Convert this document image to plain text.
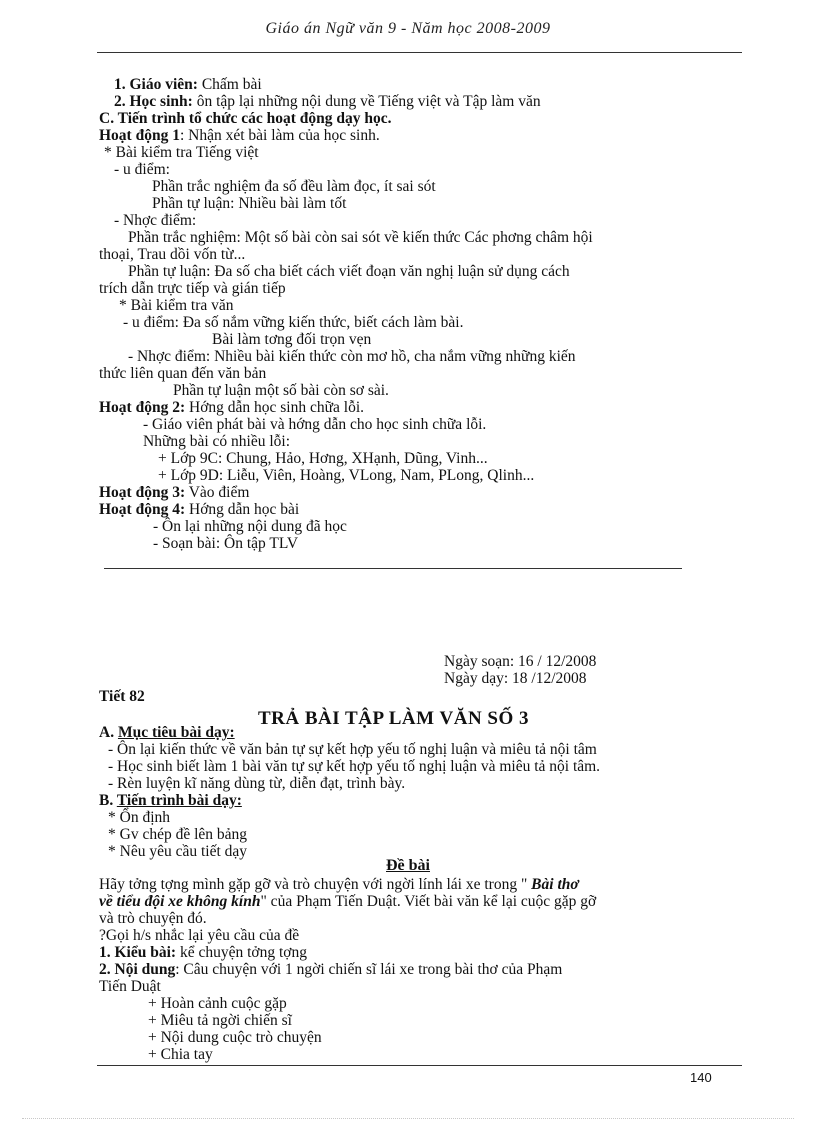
Giáo án Ngữ văn 9 - Năm học 2008-2009
1. Giáo viên: Chấm bài
2. Học sinh: ôn tập lại những nội dung về Tiếng việt và Tập làm văn
C. Tiến trình tổ chức các hoạt động dạy học.
Hoạt động 1: Nhận xét bài làm của học sinh.
* Bài kiểm tra Tiếng việt
- u điểm:
Phần trắc nghiệm đa số đều làm đọc, ít sai sót
Phần tự luận: Nhiều bài làm tốt
- Nhợc điểm:
Phần trắc nghiệm: Một số bài còn sai sót về kiến thức Các phơng châm hội
thoại, Trau dồi vốn từ...
Phần tự luận: Đa số cha biết cách viết đoạn văn nghị luận sử dụng cách
trích dẫn trực tiếp và gián tiếp
* Bài kiểm tra văn
- u điểm: Đa số nắm vững kiến thức, biết cách làm bài.
Bài làm tơng đối trọn vẹn
- Nhợc điểm: Nhiều bài kiến thức còn mơ hồ, cha nắm vững những kiến
thức liên quan đến văn bản
Phần tự luận một số bài còn sơ sài.
Hoạt động 2: Hớng dẫn học sinh chữa lỗi.
- Giáo viên phát bài và hớng dẫn cho học sinh chữa lỗi.
Những bài có nhiều lỗi:
+ Lớp 9C: Chung, Hảo, Hơng, XHạnh, Dũng, Vinh...
+ Lớp 9D: Liễu, Viên, Hoàng, VLong, Nam, PLong, Qlinh...
Hoạt động 3: Vào điểm
Hoạt động 4: Hớng dẫn học bài
- Ôn lại những nội dung đã học
- Soạn bài: Ôn tập TLV
Ngày soạn: 16 / 12/2008
Ngày dạy: 18 /12/2008
Tiết 82
TRẢ BÀI TẬP LÀM VĂN SỐ 3
A. Mục tiêu bài dạy:
- Ôn lại kiến thức về văn bản tự sự kết hợp yếu tố nghị luận và miêu tả nội tâm
- Học sinh biết làm 1 bài văn tự sự kết hợp yếu tố nghị luận và miêu tả nội tâm.
- Rèn luyện kĩ năng dùng từ, diễn đạt, trình bày.
B. Tiến trình bài dạy:
* Ổn định
* Gv chép đề lên bảng
* Nêu yêu cầu tiết dạy
Đề bài
Hãy tởng tợng mình gặp gỡ và trò chuyện với ngời lính lái xe trong " Bài thơ
về tiểu đội xe không kính" của Phạm Tiến Duật. Viết bài văn kể lại cuộc gặp gỡ
và trò chuyện đó.
?Gọi h/s nhắc lại yêu cầu của đề
1. Kiểu bài: kể chuyện tởng tợng
2. Nội dung: Câu chuyện với 1 ngời chiến sĩ lái xe trong bài thơ của Phạm
Tiến Duật
+ Hoàn cảnh cuộc gặp
+ Miêu tả ngời chiến sĩ
+ Nội dung cuộc trò chuyện
+ Chia tay
140
